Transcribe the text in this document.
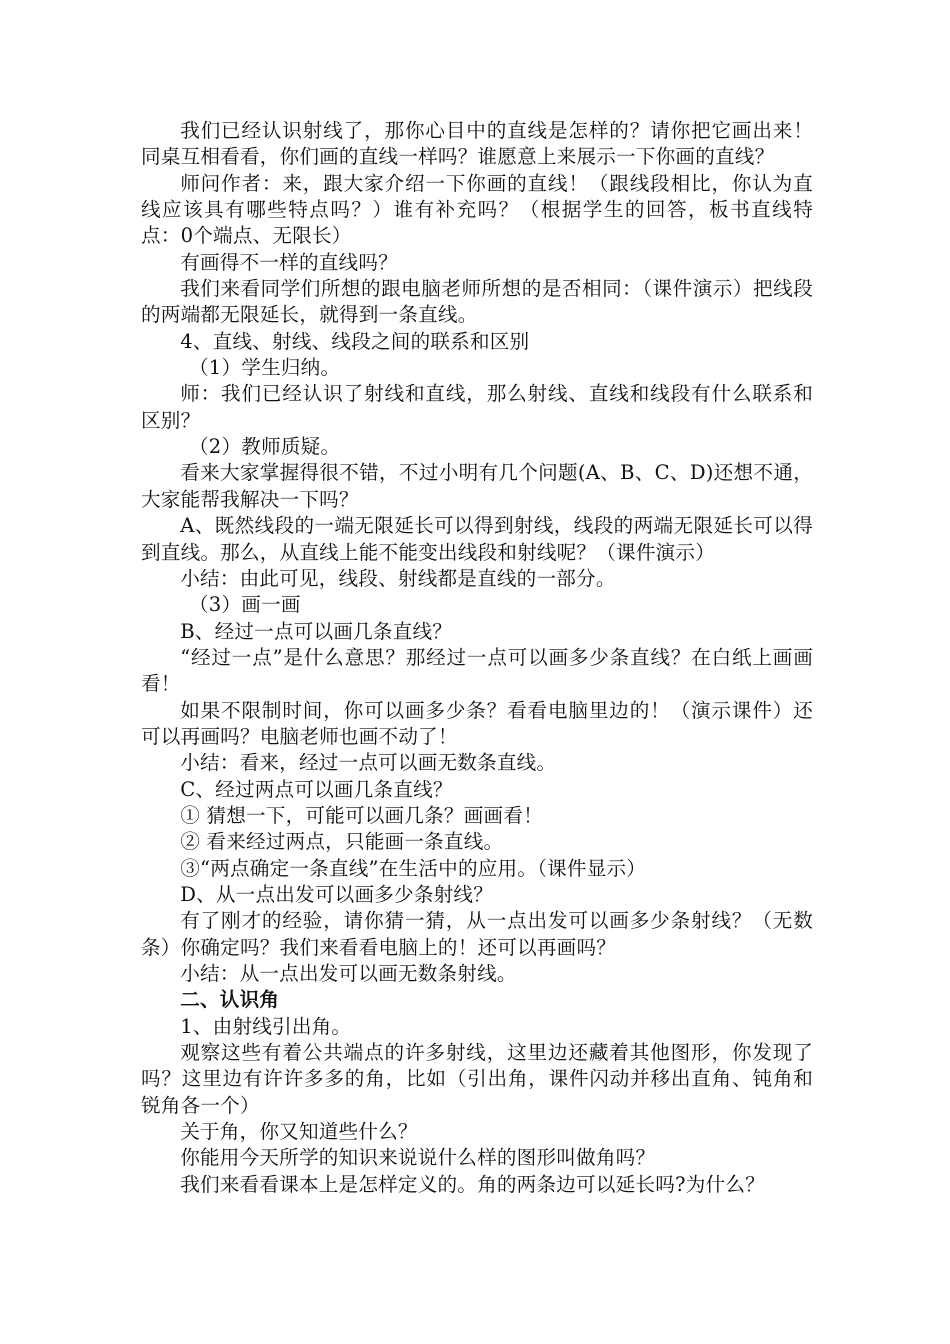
我们已经认识射线了，那你心目中的直线是怎样的？请你把它画出来！同桌互相看看，你们画的直线一样吗？谁愿意上来展示一下你画的直线？

师问作者：来，跟大家介绍一下你画的直线！（跟线段相比，你认为直线应该具有哪些特点吗？）谁有补充吗？（根据学生的回答，板书直线特点：0个端点、无限长）

有画得不一样的直线吗？

我们来看同学们所想的跟电脑老师所想的是否相同：（课件演示）把线段的两端都无限延长，就得到一条直线。

4、直线、射线、线段之间的联系和区别

（1）学生归纳。

师：我们已经认识了射线和直线，那么射线、直线和线段有什么联系和区别？

（2）教师质疑。

看来大家掌握得很不错，不过小明有几个问题(A、B、C、D)还想不通，大家能帮我解决一下吗？

A、既然线段的一端无限延长可以得到射线，线段的两端无限延长可以得到直线。那么，从直线上能不能变出线段和射线呢？（课件演示）

小结：由此可见，线段、射线都是直线的一部分。

（3）画一画

B、经过一点可以画几条直线？

“经过一点”是什么意思？那经过一点可以画多少条直线？在白纸上画画看！

如果不限制时间，你可以画多少条？看看电脑里边的！（演示课件）还可以再画吗？电脑老师也画不动了！

小结：看来，经过一点可以画无数条直线。

C、经过两点可以画几条直线？

① 猜想一下，可能可以画几条？画画看！

② 看来经过两点，只能画一条直线。

③“两点确定一条直线”在生活中的应用。（课件显示）

D、从一点出发可以画多少条射线？

有了刚才的经验，请你猜一猜，从一点出发可以画多少条射线？（无数条）你确定吗？我们来看看电脑上的！还可以再画吗？

小结：从一点出发可以画无数条射线。

二、认识角

1、由射线引出角。

观察这些有着公共端点的许多射线，这里边还藏着其他图形，你发现了吗？这里边有许许多多的角，比如（引出角，课件闪动并移出直角、钝角和锐角各一个）

关于角，你又知道些什么？

你能用今天所学的知识来说说什么样的图形叫做角吗？

我们来看看课本上是怎样定义的。角的两条边可以延长吗?为什么？
